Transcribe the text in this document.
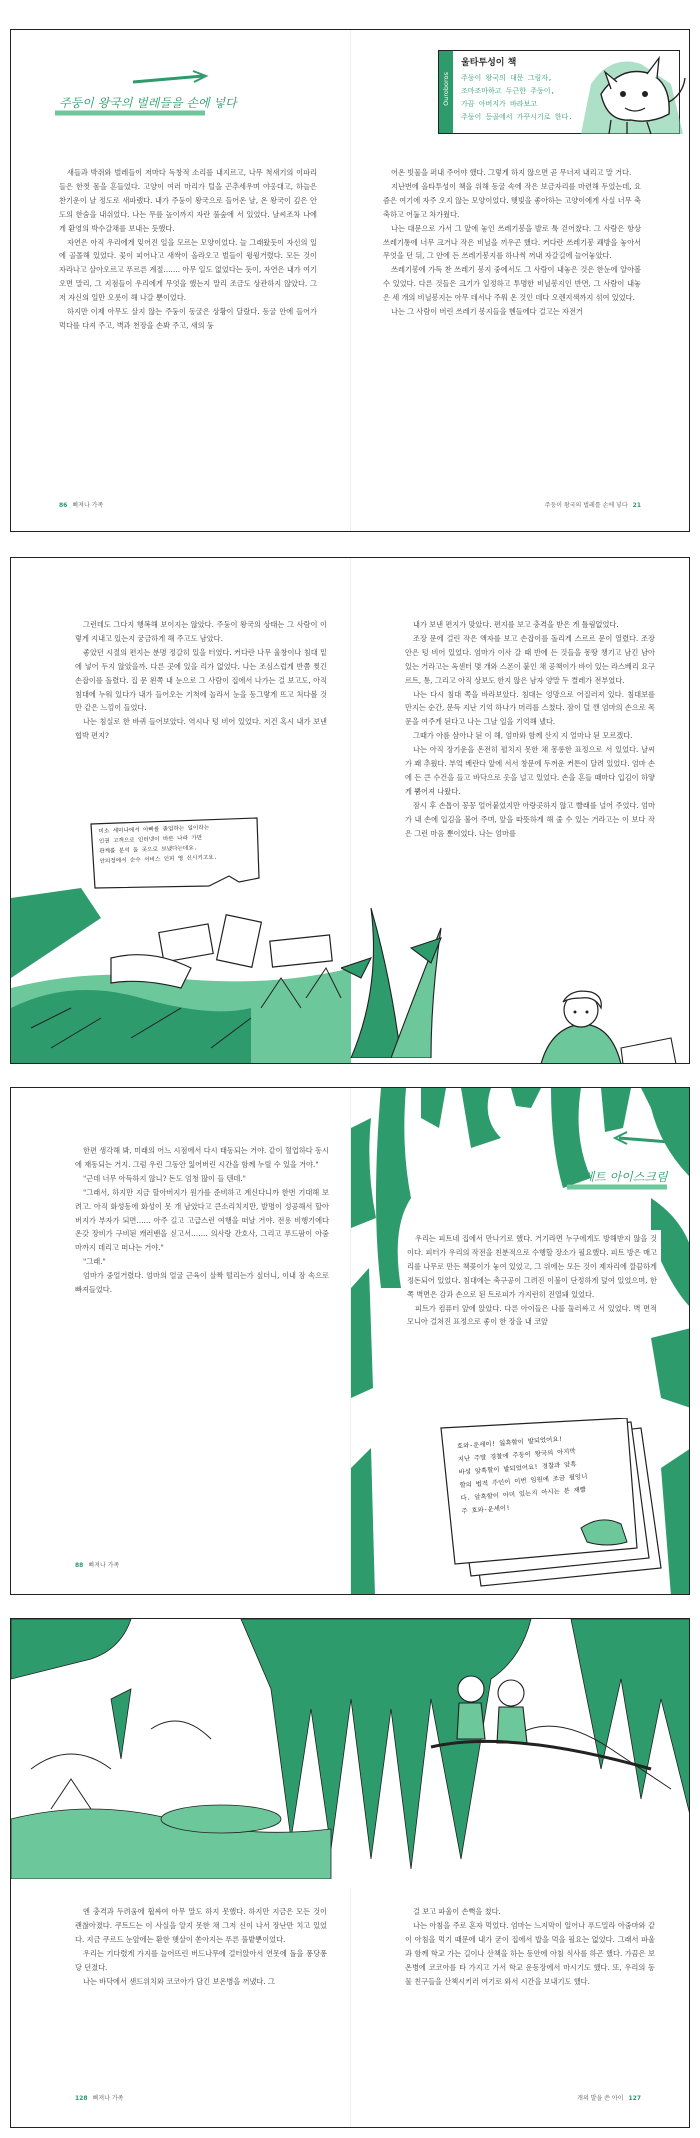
주둥이 왕국의 벌레들을 손에 넣다	Ouroboros
울타투성이 책
주둥이 왕국의 대문 그림자,
조마조마하고 두근한 주둥이,
가끔 아버지가 바라보고
주둥이 등골에서 가꾸시기로 한다.

새들과 박쥐와 벌레들이 저마다 독창적 소리를 내지르고, 나무 척새기의 이파리들은 한껏 몸을 흔들었다. 고양이 여러 마리가 털을 곤추세우며 야옹대고, 하늘은 찬기운이 날 정도로 새파랬다. 내가 주둥이 왕국으로 들어온 날, 온 왕국이 깊은 안도의 한숨을 내쉬었다. 나는 무릎 높이까지 자란 풀숲에 서 있었다. 날씨조차 나에게 환영의 박수갈채를 보내는 듯했다.

자연은 아직 우리에게 잊어진 일을 모르는 모양이었다. 늘 그래왔듯이 자신의 일에 골몰해 있었다. 꽃이 피어나고 새싹이 올라오고 벌들이 윙윙거렸다. 모든 것이 자라나고 살아오르고 푸르른 계절……. 아무 일도 없었다는 듯이, 자연은 내가 여기 오면 말리, 그 지점들이 우리에게 무엇을 했는지 말리 조금도 상관하지 않았다. 그저 자신의 일만 오롯이 해 나갈 뿐이었다.

하지만 이제 아무도 살지 않는 주둥이 동굴은 상황이 달랐다. 동굴 안에 들어가 먹다를 다져 주고, 벽과 천장을 손봐 주고, 새의 둥

어온 빗물을 퍼내 주어야 했다. 그렇게 하지 않으면 곧 무너져 내리고 말 거다.

지난번에 올타투성이 책을 위해 동굴 속에 작은 보금자리를 마련해 두었는데, 요즘은 여기에 자주 오지 않는 모양이었다. 햇빛을 좋아하는 고양이에게 사실 너무 축축하고 어둡고 차가웠다.

나는 대문으로 가서 그 앞에 놓인 쓰레기봉을 발로 툭 걷어찼다. 그 사람은 항상 쓰레기통에 너무 크거나 작은 비닐을 끼우곤 했다. 커다란 쓰레기봉 쾌방을 놓아서 무엇을 던 뒤, 그 안에 든 쓰레기봉지를 하나씩 꺼내 자갈길에 늘어놓았다.

쓰레기봉에 가득 찬 쓰레기 봉지 중에서도 그 사람이 내놓은 것은 한눈에 알아볼 수 있었다. 다른 것들은 크기가 일정하고 투명한 비닐봉지인 반면, 그 사람이 내놓은 세 개의 비닐봉지는 아무 데서나 주워 온 것인 데다 오렌지색까지 섞여 있었다.

나는 그 사람이 버린 쓰레기 봉지들을 헨들에다 걸고는 자전거

86 삐져나 가족	주둥이 왕국의 벌레를 손에 넣다 21

그런데도 그다지 행복해 보이지는 않았다. 주둥이 왕국의 상태는 그 사람이 이렇게 지내고 있는지 궁금하게 해 주고도 남았다.

좋았던 시절의 편지는 분명 정갈히 있을 터였다. 커다란 나무 울창이나 침대 밑에 넣어 두지 않았을까. 다른 곳에 있을 리가 없었다. 나는 조심스럽게 반쯤 찢긴 손잡이를 돌렸다. 집 문 왼쪽 내 눈으로 그 사람이 집에서 나가는 걸 보고도, 아직 침대에 누워 있다가 내가 들어오는 기척에 놀라서 눈을 동그랗게 뜨고 처다볼 것만 같은 느낌이 들었다.

나는 침실로 한 바퀴 들어보았다. 역시나 텅 비어 있었다. 저건 혹시 내가 보낸 협박 편지?

미소 세미나에서 아빠를 졸업하는 일이라는
인권 고객으로 인터넷이 바른 나라 가만
관계를 분석 둘 곳으로 보냈다는데요.
안의정에서 순수 서비스 인피 영 신시키고요.

내가 보낸 편지가 맞았다. 편지를 보고 충격을 받은 게 틀림없었다.

조장 문에 걸린 작은 액자를 보고 손잡이를 돌리게 스르르 문이 열렸다. 조장 안은 텅 비어 있었다. 엄마가 이사 갈 때 반에 든 것들을 몽땅 챙기고 남긴 남아 있는 거라고는 옥센터 몇 개와 스폰이 붙인 채 공책이가 바이 있는 라스베리 요구르트, 통, 그리고 아직 상보도 한지 않은 남자 양말 두 켤레가 전부였다.

나는 다시 침대 쪽을 바라보았다. 침대는 엉망으로 어질러져 있다. 침대보를 만지는 순간, 문득 지난 기억 하나가 머리를 스쳤다. 잠이 덜 깬 엄마의 손으로 목 문을 여주게 된다고 나는 그날 일을 기억해 냈다.

그때가 아름 삼아나 된 이 해, 엄마와 함께 산지 지 얼마나 된 모르겠다.

나는 아직 장기운을 온전히 펼치지 못한 채 몽롱한 표정으로 서 있었다. 날씨가 꽤 추웠다. 부엌 베란다 앞에 서서 창문에 두꺼운 커튼이 달려 있었다. 엄마 손에 든 큰 수건을 들고 바닥으로 옷을 널고 있었다. 손을 흔들 때마다 입김이 하얗게 뿜어져 나왔다.

잠시 후 손톱이 꽁꽁 얼어붙었지만 아랑곳하지 않고 빨래를 널어 주었다. 엄마가 내 손에 입김을 불어 주며, 앞을 따뜻하게 해 줄 수 있는 거라고는 이 보다 작은 그런 마음 뿐이었다. 나는 엄마를

한편 생각해 봐, 미래의 어느 시점에서 다시 태동되는 거야. 같이 혈업하다 동시에 재동되는 거지. 그럼 우린 그동안 잃어버린 시간을 함께 누릴 수 있을 거야."

"근데 너무 아득하지 않니? 돈도 엄청 많이 들 텐데."

"그래서, 하지만 지금 할아버지가 원가를 준비하고 계신다니까 한번 기대해 보려고. 아직 화성동에 화성이 못 개 남았다고 큰소리치지만, 발명이 성공해서 할아버지가 부자가 되면…… 아주 길고 고급스런 여행을 떠날 거야. 전용 비행기에다 온갖 장비가 구비된 캐러밴을 싣고서……. 의사랑 간호사, 그리고 푸드팜이 아줌마까지 데리고 떠나는 거야."

"그래."

엄마가 중얼거렸다. 엄마의 얼굴 근육이 살짝 떨리는가 싶더니, 이내 잠 속으로 빠져들었다.

88 삐져나 가족
샤베트 아이스크림

우리는 피트네 집에서 만나기로 했다. 거기라면 누구에게도 방해받지 않을 것이다. 피터가 우리의 작전을 친분적으로 수행할 장소가 필요했다. 피트 방은 매고리를 나무로 만든 책꽂이가 놓여 있었고, 그 위에는 모든 것이 제자리에 깔끔하게 정돈되어 있었다. 침대에는 축구공이 그려진 이불이 단정하게 덮여 있었으며, 한쪽 벽면은 감과 손으로 된 트로피가 가지런히 진열돼 있었다.

피트가 컴퓨터 앞에 앉았다. 다른 아이들은 나를 둘러싸고 서 있었다. 벽 면적 모니아 걸쳐진 표정으로 좋이 한 장을 내 코앞

호와-운세이! 잃흑할이 발되었어요!
지난 주말 경찰에 주둥이 왕국의 아지막
바성 앞흑할이 발되었어요! 경찰과 앞흑
할의 법적 주인이 이번 임원에 조금 필잉니
다. 앞흑할이 아미 있는지 아시는 분 재빨
주 호와-운세이!

엔 충격과 두려움에 휩싸여 아무 말도 하지 못했다. 하지만 지금은 모든 것이 괜찮아졌다. 쿠트드는 이 사실을 알지 못한 채 그저 신이 나서 장난만 치고 있었다. 지금 쿠르드 눈앞에는 환한 햇살이 쏟아지는 푸른 풀밭뿐이었다.

우리는 기다렸게 가지를 늘어뜨린 버드나무에 걸터앉아서 연못에 돌을 퐁당퐁당 던졌다.

나는 바닥에서 샌드위치와 코코아가 담긴 보온병을 꺼냈다. 그

걸 보고 파울이 손뼉을 쳤다.

나는 아침을 주로 혼자 먹었다. 엄마는 느지막이 일어나 푸드밀라 아줌마와 같이 아침을 먹기 때문에 내가 굳이 집에서 밥을 먹을 필요는 없었다. 그래서 파울과 함께 학교 가는 길이나 산책을 하는 동안에 아침 식사를 하곤 했다. 가끔은 보온병에 코코아를 타 가지고 가서 학교 운동장에서 마시기도 했다. 또, 우리의 동물 친구들을 산책시키러 여기로 와서 시간을 보내기도 했다.

128 삐져나 가족	개의 발을 쓴 아이 127
